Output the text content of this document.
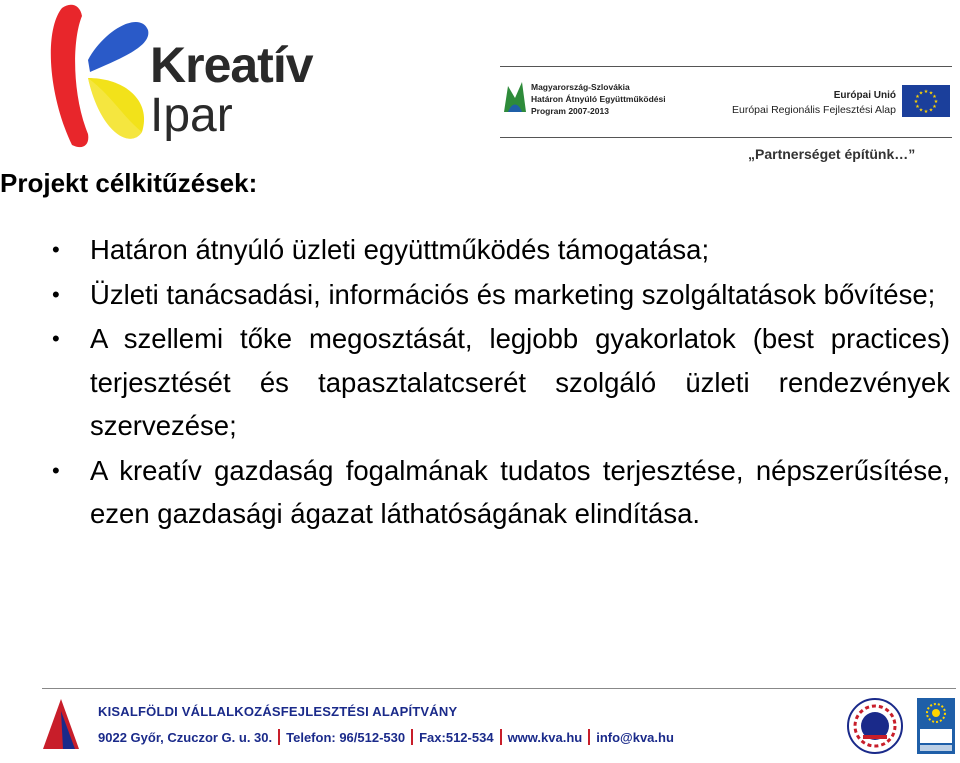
Kreatív
Ipar
Magyarország-Szlovákia
Határon Átnyúló Együttműködési
Program 2007-2013
Európai Unió
Európai Regionális Fejlesztési Alap
★ ★
★
★
★
★
★
★
★
★
★
★
„Partnerséget építünk…”
Projekt célkitűzések:
• Határon átnyúló üzleti együttműködés támogatása;
• Üzleti tanácsadási, információs és marketing szolgáltatások bővítése;
• A szellemi tőke megosztását, legjobb gyakorlatok (best practices) terjesztését és tapasztalatcserét szolgáló üzleti rendezvények szervezése;
• A kreatív gazdaság fogalmának tudatos terjesztése, népszerűsítése, ezen gazdasági ágazat láthatóságának elindítása.
KISALFÖLDI VÁLLALKOZÁSFEJLESZTÉSI ALAPÍTVÁNY
9022 Győr, Czuczor G. u. 30. Telefon: 96/512-530 Fax:512-534 www.kva.hu info@kva.hu
